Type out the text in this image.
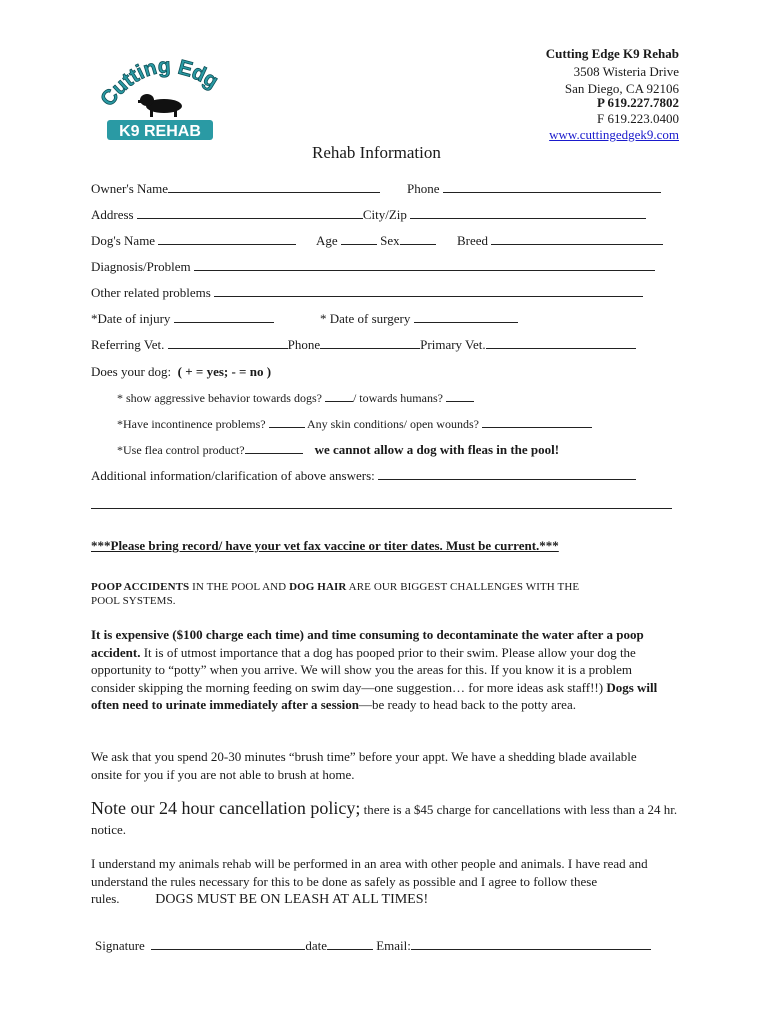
Cutting Edg
K9 REHAB
Cutting Edge K9 Rehab
3508 Wisteria Drive
San Diego, CA 92106
P 619.227.7802
F 619.223.0400
www.cuttingedgek9.com
Rehab Information
Owner's Name	Phone
Address	City/Zip
Dog's Name	Age	Sex	Breed
Diagnosis/Problem
Other related problems
*Date of injury	* Date of surgery
Referring Vet.	Phone	Primary Vet.
Does your dog: ( + = yes; - = no )
* show aggressive behavior towards dogs?	/ towards humans?
*Have incontinence problems?	Any skin conditions/ open wounds?
*Use flea control product?	we cannot allow a dog with fleas in the pool!
Additional information/clarification of above answers:
***Please bring record/ have your vet fax vaccine or titer dates. Must be current.***
POOP ACCIDENTS IN THE POOL AND DOG HAIR ARE OUR BIGGEST CHALLENGES WITH THE
POOL SYSTEMS.
It is expensive ($100 charge each time) and time consuming to decontaminate the water after a poop accident. It is of utmost importance that a dog has pooped prior to their swim. Please allow your dog the opportunity to “potty” when you arrive. We will show you the areas for this. If you know it is a problem consider skipping the morning feeding on swim day—one suggestion… for more ideas ask staff!!) Dogs will often need to urinate immediately after a session—be ready to head back to the potty area.
We ask that you spend 20-30 minutes “brush time” before your appt. We have a shedding blade available onsite for you if you are not able to brush at home.
Note our 24 hour cancellation policy; there is a $45 charge for cancellations with less than a 24 hr. notice.
I understand my animals rehab will be performed in an area with other people and animals. I have read and understand the rules necessary for this to be done as safely as possible and I agree to follow these rules.	DOGS MUST BE ON LEASH AT ALL TIMES!
Signature	date	Email:
